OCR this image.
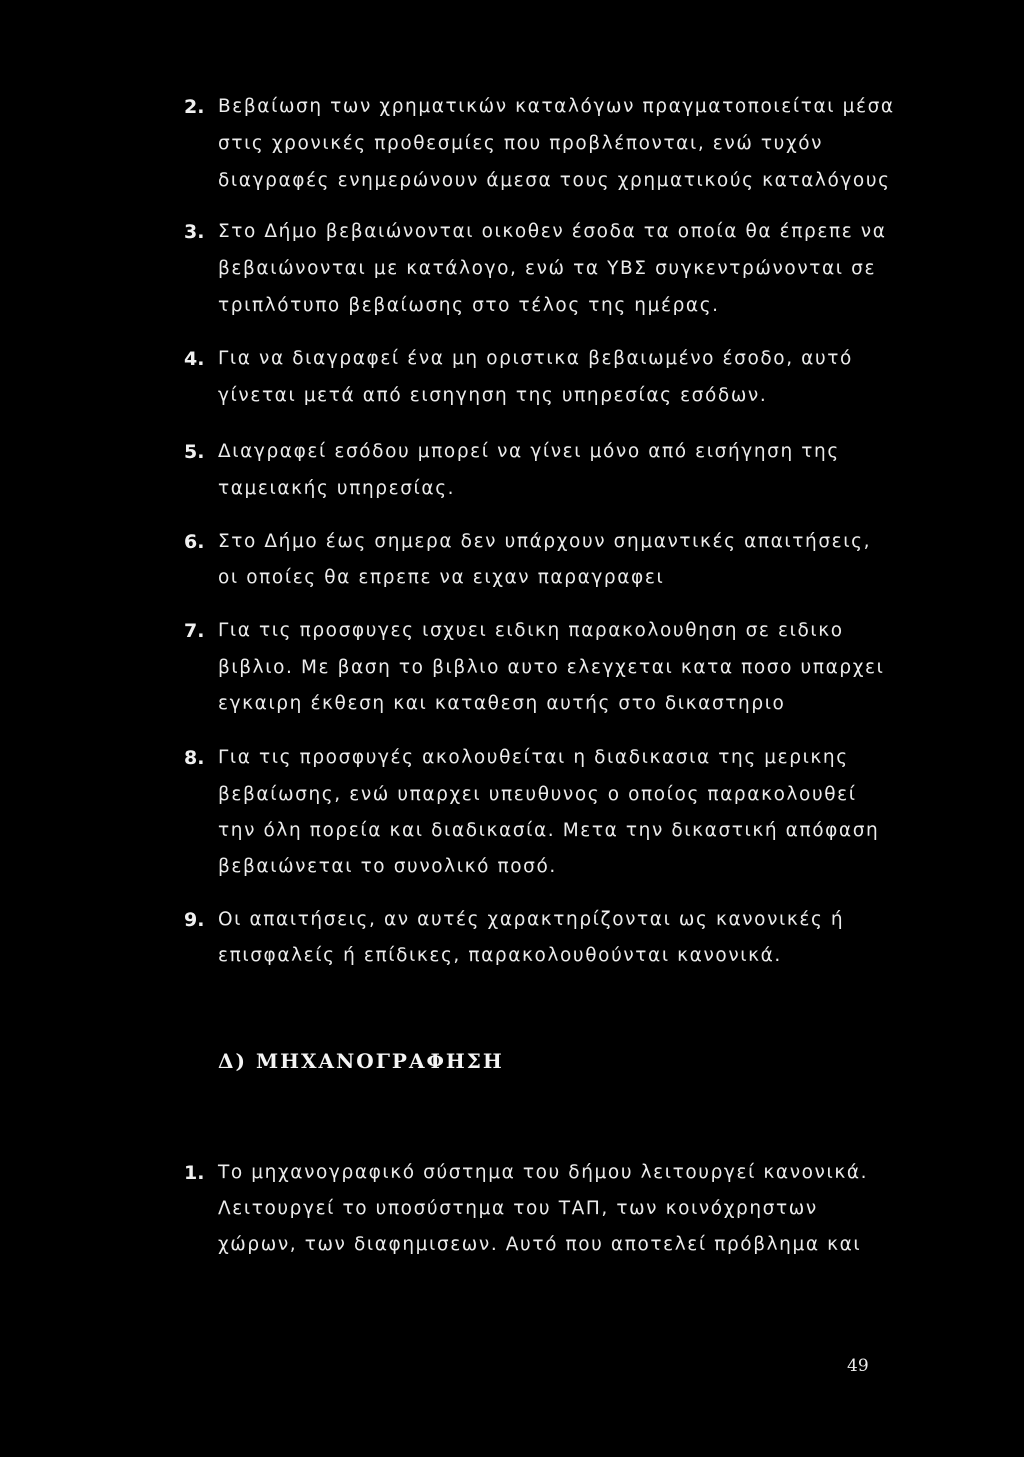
2. Βεβαίωση των χρηματικών καταλόγων πραγματοποιείται μέσα
στις χρονικές προθεσμίες που προβλέπονται, ενώ τυχόν
διαγραφές ενημερώνουν άμεσα τους χρηματικούς καταλόγους
3. Στο Δήμο βεβαιώνονται οικοθεν έσοδα τα οποία θα έπρεπε να
βεβαιώνονται με κατάλογο, ενώ τα ΥΒΣ συγκεντρώνονται σε
τριπλότυπο βεβαίωσης στο τέλος της ημέρας.
4. Για να διαγραφεί ένα μη οριστικα βεβαιωμένο έσοδο, αυτό
γίνεται μετά από εισηγηση της υπηρεσίας εσόδων.
5. Διαγραφεί εσόδου μπορεί να γίνει μόνο από εισήγηση της
ταμειακής υπηρεσίας.
6. Στο Δήμο έως σημερα δεν υπάρχουν σημαντικές απαιτήσεις,
οι οποίες θα επρεπε να ειχαν παραγραφει
7. Για τις προσφυγες ισχυει ειδικη παρακολουθηση σε ειδικο
βιβλιο. Με βαση το βιβλιο αυτο ελεγχεται κατα ποσο υπαρχει
εγκαιρη έκθεση και καταθεση αυτής στο δικαστηριο
8. Για τις προσφυγές ακολουθείται η διαδικασια της μερικης
βεβαίωσης, ενώ υπαρχει υπευθυνος ο οποίος παρακολουθεί
την όλη πορεία και διαδικασία. Μετα την δικαστική απόφαση
βεβαιώνεται το συνολικό ποσό.
9. Οι απαιτήσεις, αν αυτές χαρακτηρίζονται ως κανονικές ή
επισφαλείς ή επίδικες, παρακολουθούνται κανονικά.
Δ) ΜΗΧΑΝΟΓΡΑΦΗΣΗ
1. Το μηχανογραφικό σύστημα του δήμου λειτουργεί κανονικά.
Λειτουργεί το υποσύστημα του ΤΑΠ, των κοινόχρηστων
χώρων, των διαφημισεων. Αυτό που αποτελεί πρόβλημα και
49
